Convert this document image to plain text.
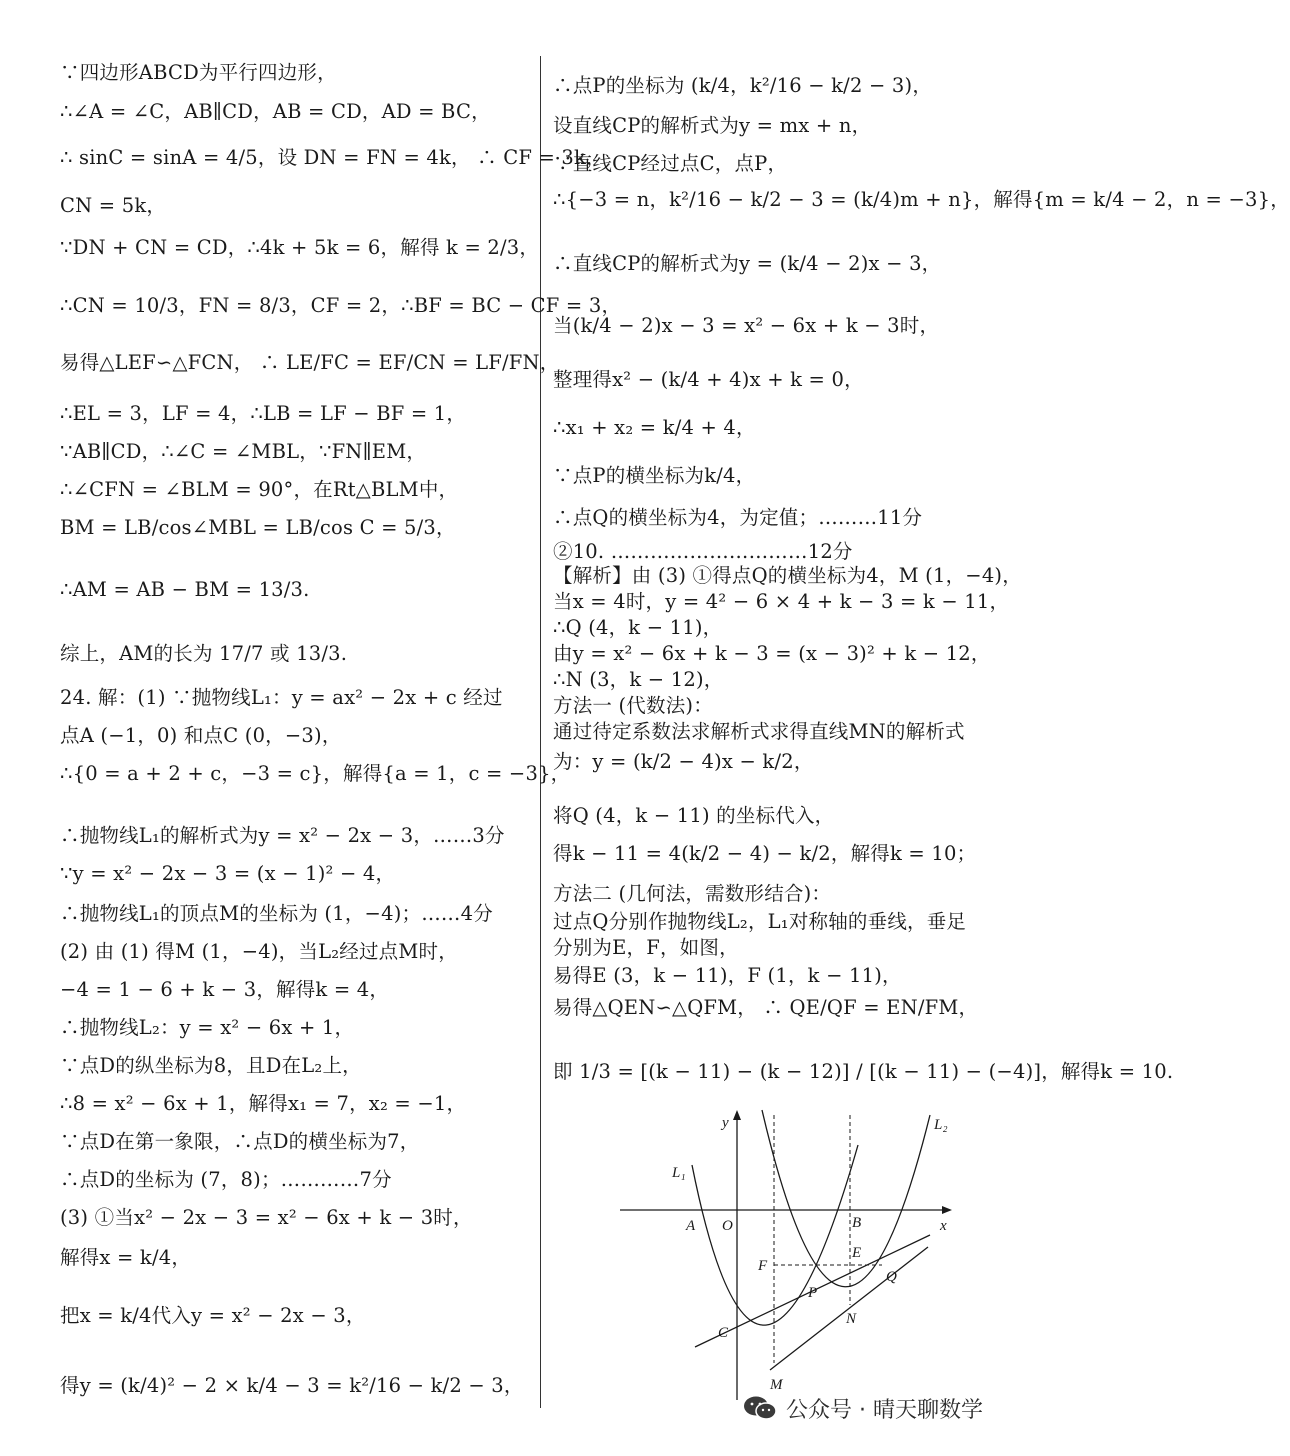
∵四边形ABCD为平行四边形，
∴∠A = ∠C，AB∥CD，AB = CD，AD = BC，
∴ sinC = sinA = 4/5，设 DN = FN = 4k， ∴ CF = 3k，
CN = 5k，
∵DN + CN = CD，∴4k + 5k = 6，解得 k = 2/3，
∴CN = 10/3，FN = 8/3，CF = 2，∴BF = BC − CF = 3，
易得△LEF∽△FCN， ∴ LE/FC = EF/CN = LF/FN，
∴EL = 3，LF = 4，∴LB = LF − BF = 1，
∵AB∥CD，∴∠C = ∠MBL，∵FN∥EM，
∴∠CFN = ∠BLM = 90°，在Rt△BLM中，
BM = LB/cos∠MBL = LB/cos C = 5/3，
∴AM = AB − BM = 13/3.
综上，AM的长为 17/7 或 13/3.
24. 解：(1) ∵抛物线L₁：y = ax² − 2x + c 经过
点A (−1，0) 和点C (0，−3)，
∴{0 = a + 2 + c，−3 = c}，解得{a = 1，c = −3}，
∴抛物线L₁的解析式为y = x² − 2x − 3，……3分
∵y = x² − 2x − 3 = (x − 1)² − 4，
∴抛物线L₁的顶点M的坐标为 (1，−4)；……4分
(2) 由 (1) 得M (1，−4)，当L₂经过点M时，
−4 = 1 − 6 + k − 3，解得k = 4，
∴抛物线L₂：y = x² − 6x + 1，
∵点D的纵坐标为8，且D在L₂上，
∴8 = x² − 6x + 1，解得x₁ = 7，x₂ = −1，
∵点D在第一象限，∴点D的横坐标为7，
∴点D的坐标为 (7，8)；…………7分
(3) ①当x² − 2x − 3 = x² − 6x + k − 3时，
解得x = k/4，
把x = k/4代入y = x² − 2x − 3，
得y = (k/4)² − 2 × k/4 − 3 = k²/16 − k/2 − 3，
∴点P的坐标为 (k/4，k²/16 − k/2 − 3)，
设直线CP的解析式为y = mx + n，
∵直线CP经过点C，点P，
∴{−3 = n，k²/16 − k/2 − 3 = (k/4)m + n}，解得{m = k/4 − 2，n = −3}，
∴直线CP的解析式为y = (k/4 − 2)x − 3，
当(k/4 − 2)x − 3 = x² − 6x + k − 3时，
整理得x² − (k/4 + 4)x + k = 0，
∴x₁ + x₂ = k/4 + 4，
∵点P的横坐标为k/4，
∴点Q的横坐标为4，为定值；………11分
②10. …………………………12分
【解析】由 (3) ①得点Q的横坐标为4，M (1，−4)，
当x = 4时，y = 4² − 6 × 4 + k − 3 = k − 11，
∴Q (4，k − 11)，
由y = x² − 6x + k − 3 = (x − 3)² + k − 12，
∴N (3，k − 12)，
方法一 (代数法)：
通过待定系数法求解析式求得直线MN的解析式
为：y = (k/2 − 4)x − k/2，
将Q (4，k − 11) 的坐标代入，
得k − 11 = 4(k/2 − 4) − k/2，解得k = 10；
方法二 (几何法，需数形结合)：
过点Q分别作抛物线L₂，L₁对称轴的垂线，垂足
分别为E，F，如图，
易得E (3，k − 11)，F (1，k − 11)，
易得△QEN∽△QFM， ∴ QE/QF = EN/FM，
即 1/3 = [(k − 11) − (k − 12)] / [(k − 11) − (−4)]，解得k = 10.
y
x
L₁
L₂
A O	B
C
F
E
P
Q
N
M
公众号 · 晴天聊数学
